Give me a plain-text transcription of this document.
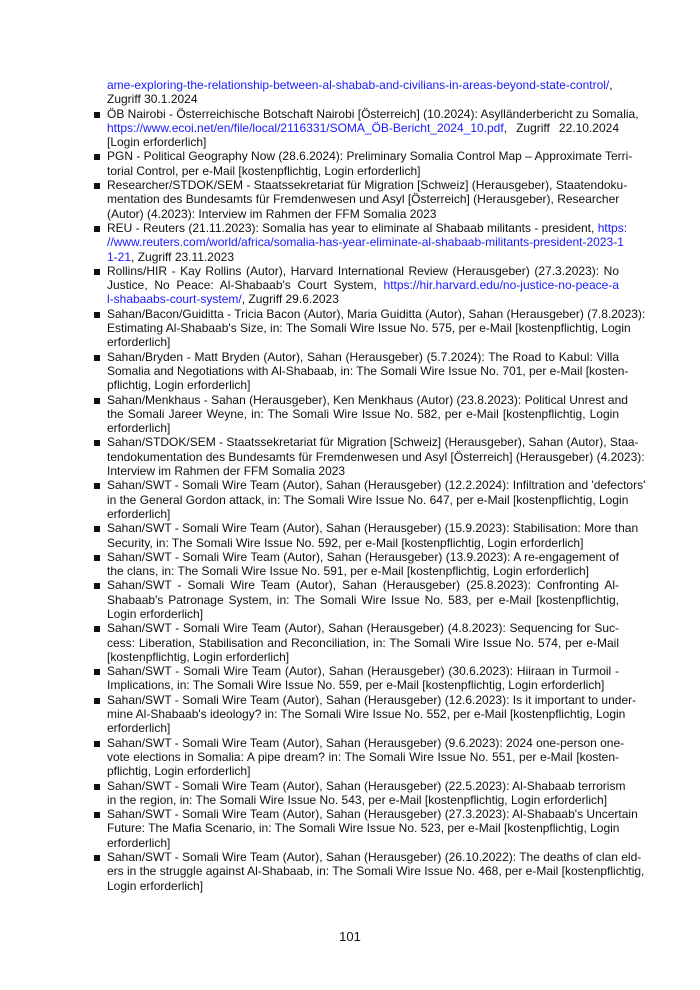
ame-exploring-the-relationship-between-al-shabab-and-civilians-in-areas-beyond-state-control/,
Zugriff 30.1.2024
ÖB Nairobi - Österreichische Botschaft Nairobi [Österreich] (10.2024): Asylländerbericht zu Somalia,
https://www.ecoi.net/en/file/local/2116331/SOMA_ÖB-Bericht_2024_10.pdf, Zugriff 22.10.2024
[Login erforderlich]
PGN - Political Geography Now (28.6.2024): Preliminary Somalia Control Map – Approximate Terri-
torial Control, per e-Mail [kostenpflichtig, Login erforderlich]
Researcher/STDOK/SEM - Staatssekretariat für Migration [Schweiz] (Herausgeber), Staatendoku-
mentation des Bundesamts für Fremdenwesen und Asyl [Österreich] (Herausgeber), Researcher
(Autor) (4.2023): Interview im Rahmen der FFM Somalia 2023
REU - Reuters (21.11.2023): Somalia has year to eliminate al Shabaab militants - president, https:
//www.reuters.com/world/africa/somalia-has-year-eliminate-al-shabaab-militants-president-2023-1
1-21, Zugriff 23.11.2023
Rollins/HIR - Kay Rollins (Autor), Harvard International Review (Herausgeber) (27.3.2023): No
Justice, No Peace: Al-Shabaab's Court System, https://hir.harvard.edu/no-justice-no-peace-a
l-shabaabs-court-system/, Zugriff 29.6.2023
Sahan/Bacon/Guiditta - Tricia Bacon (Autor), Maria Guiditta (Autor), Sahan (Herausgeber) (7.8.2023):
Estimating Al-Shabaab's Size, in: The Somali Wire Issue No. 575, per e-Mail [kostenpflichtig, Login
erforderlich]
Sahan/Bryden - Matt Bryden (Autor), Sahan (Herausgeber) (5.7.2024): The Road to Kabul: Villa
Somalia and Negotiations with Al-Shabaab, in: The Somali Wire Issue No. 701, per e-Mail [kosten-
pflichtig, Login erforderlich]
Sahan/Menkhaus - Sahan (Herausgeber), Ken Menkhaus (Autor) (23.8.2023): Political Unrest and
the Somali Jareer Weyne, in: The Somali Wire Issue No. 582, per e-Mail [kostenpflichtig, Login
erforderlich]
Sahan/STDOK/SEM - Staatssekretariat für Migration [Schweiz] (Herausgeber), Sahan (Autor), Staa-
tendokumentation des Bundesamts für Fremdenwesen und Asyl [Österreich] (Herausgeber) (4.2023):
Interview im Rahmen der FFM Somalia 2023
Sahan/SWT - Somali Wire Team (Autor), Sahan (Herausgeber) (12.2.2024): Infiltration and 'defectors'
in the General Gordon attack, in: The Somali Wire Issue No. 647, per e-Mail [kostenpflichtig, Login
erforderlich]
Sahan/SWT - Somali Wire Team (Autor), Sahan (Herausgeber) (15.9.2023): Stabilisation: More than
Security, in: The Somali Wire Issue No. 592, per e-Mail [kostenpflichtig, Login erforderlich]
Sahan/SWT - Somali Wire Team (Autor), Sahan (Herausgeber) (13.9.2023): A re-engagement of
the clans, in: The Somali Wire Issue No. 591, per e-Mail [kostenpflichtig, Login erforderlich]
Sahan/SWT - Somali Wire Team (Autor), Sahan (Herausgeber) (25.8.2023): Confronting Al-
Shabaab's Patronage System, in: The Somali Wire Issue No. 583, per e-Mail [kostenpflichtig,
Login erforderlich]
Sahan/SWT - Somali Wire Team (Autor), Sahan (Herausgeber) (4.8.2023): Sequencing for Suc-
cess: Liberation, Stabilisation and Reconciliation, in: The Somali Wire Issue No. 574, per e-Mail
[kostenpflichtig, Login erforderlich]
Sahan/SWT - Somali Wire Team (Autor), Sahan (Herausgeber) (30.6.2023): Hiiraan in Turmoil -
Implications, in: The Somali Wire Issue No. 559, per e-Mail [kostenpflichtig, Login erforderlich]
Sahan/SWT - Somali Wire Team (Autor), Sahan (Herausgeber) (12.6.2023): Is it important to under-
mine Al-Shabaab's ideology? in: The Somali Wire Issue No. 552, per e-Mail [kostenpflichtig, Login
erforderlich]
Sahan/SWT - Somali Wire Team (Autor), Sahan (Herausgeber) (9.6.2023): 2024 one-person one-
vote elections in Somalia: A pipe dream? in: The Somali Wire Issue No. 551, per e-Mail [kosten-
pflichtig, Login erforderlich]
Sahan/SWT - Somali Wire Team (Autor), Sahan (Herausgeber) (22.5.2023): Al-Shabaab terrorism
in the region, in: The Somali Wire Issue No. 543, per e-Mail [kostenpflichtig, Login erforderlich]
Sahan/SWT - Somali Wire Team (Autor), Sahan (Herausgeber) (27.3.2023): Al-Shabaab's Uncertain
Future: The Mafia Scenario, in: The Somali Wire Issue No. 523, per e-Mail [kostenpflichtig, Login
erforderlich]
Sahan/SWT - Somali Wire Team (Autor), Sahan (Herausgeber) (26.10.2022): The deaths of clan eld-
ers in the struggle against Al-Shabaab, in: The Somali Wire Issue No. 468, per e-Mail [kostenpflichtig,
Login erforderlich]
101
